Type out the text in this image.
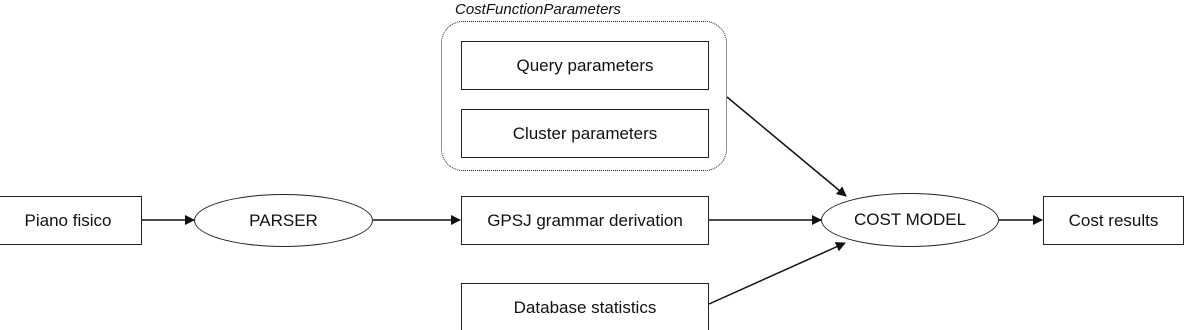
CostFunctionParameters
Piano fisico	PARSER	GPSJ grammar derivation
Query parameters
Cluster parameters
Database statistics
COST MODEL	Cost results
